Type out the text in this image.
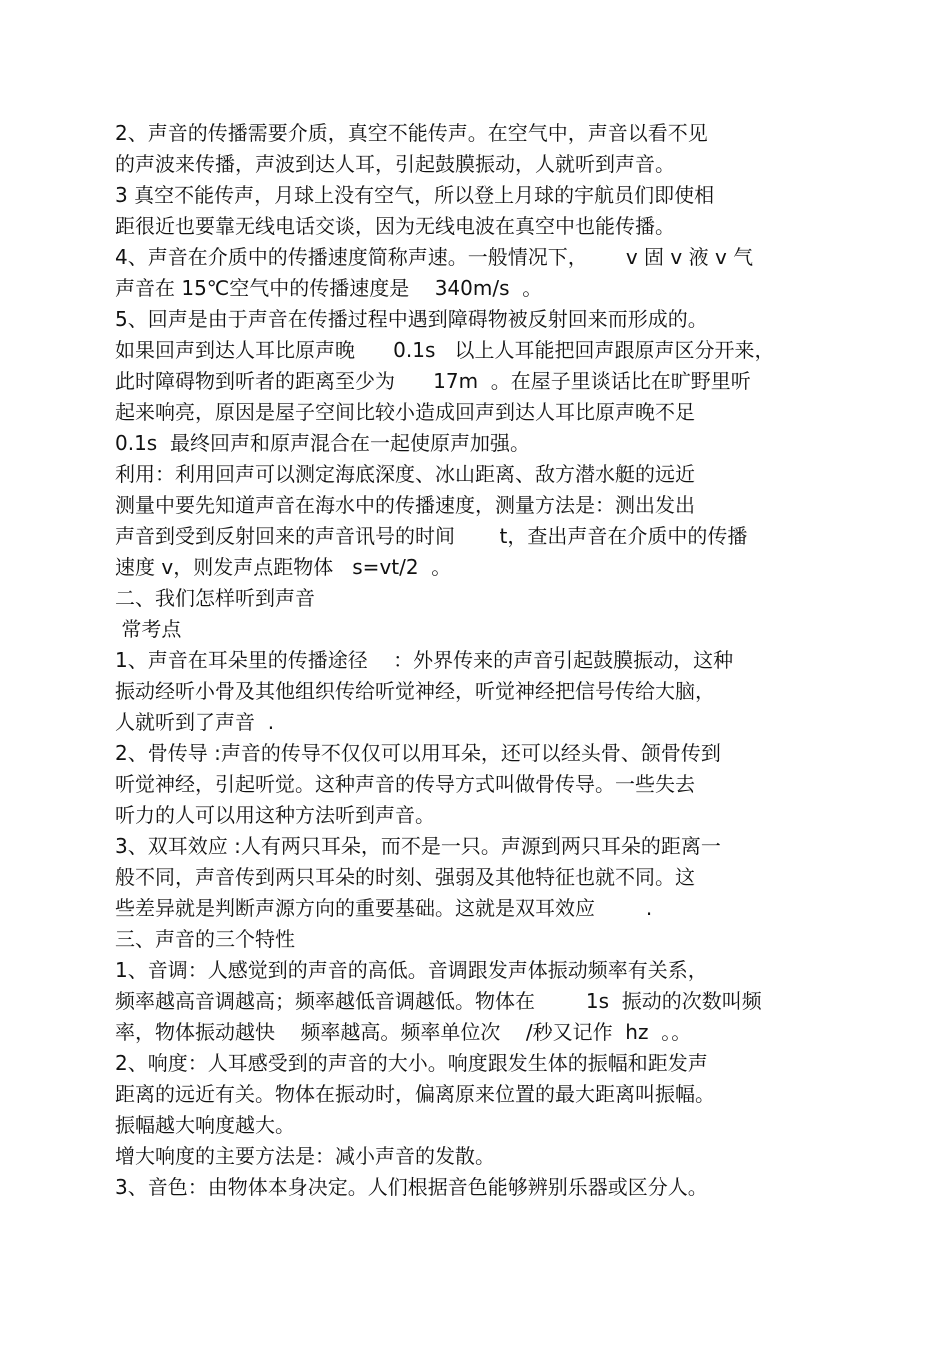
2、声音的传播需要介质，真空不能传声。在空气中，声音以看不见

的声波来传播，声波到达人耳，引起鼓膜振动，人就听到声音。

3 真空不能传声，月球上没有空气，所以登上月球的宇航员们即使相

距很近也要靠无线电话交谈，因为无线电波在真空中也能传播。

4、声音在介质中的传播速度简称声速。一般情况下，      v 固 v 液 v 气

声音在 15℃空气中的传播速度是    340m/s  。

5、回声是由于声音在传播过程中遇到障碍物被反射回来而形成的。

如果回声到达人耳比原声晚      0.1s   以上人耳能把回声跟原声区分开来，

此时障碍物到听者的距离至少为      17m  。在屋子里谈话比在旷野里听

起来响亮，原因是屋子空间比较小造成回声到达人耳比原声晚不足

0.1s  最终回声和原声混合在一起使原声加强。

利用：利用回声可以测定海底深度、冰山距离、敌方潜水艇的远近

测量中要先知道声音在海水中的传播速度，测量方法是：测出发出

声音到受到反射回来的声音讯号的时间       t，查出声音在介质中的传播

速度 v，则发声点距物体   s=vt/2  。

二、我们怎样听到声音

常考点

1、声音在耳朵里的传播途径    ：外界传来的声音引起鼓膜振动，这种

振动经听小骨及其他组织传给听觉神经，听觉神经把信号传给大脑，

人就听到了声音  .

2、骨传导 :声音的传导不仅仅可以用耳朵，还可以经头骨、颌骨传到

听觉神经，引起听觉。这种声音的传导方式叫做骨传导。一些失去

听力的人可以用这种方法听到声音。

3、双耳效应 :人有两只耳朵，而不是一只。声源到两只耳朵的距离一

般不同，声音传到两只耳朵的时刻、强弱及其他特征也就不同。这

些差异就是判断声源方向的重要基础。这就是双耳效应        .

三、声音的三个特性

1、音调：人感觉到的声音的高低。音调跟发声体振动频率有关系，

频率越高音调越高；频率越低音调越低。物体在        1s  振动的次数叫频

率，物体振动越快    频率越高。频率单位次    /秒又记作  hz  。。

2、响度：人耳感受到的声音的大小。响度跟发生体的振幅和距发声

距离的远近有关。物体在振动时，偏离原来位置的最大距离叫振幅。

振幅越大响度越大。

增大响度的主要方法是：减小声音的发散。

3、音色：由物体本身决定。人们根据音色能够辨别乐器或区分人。
